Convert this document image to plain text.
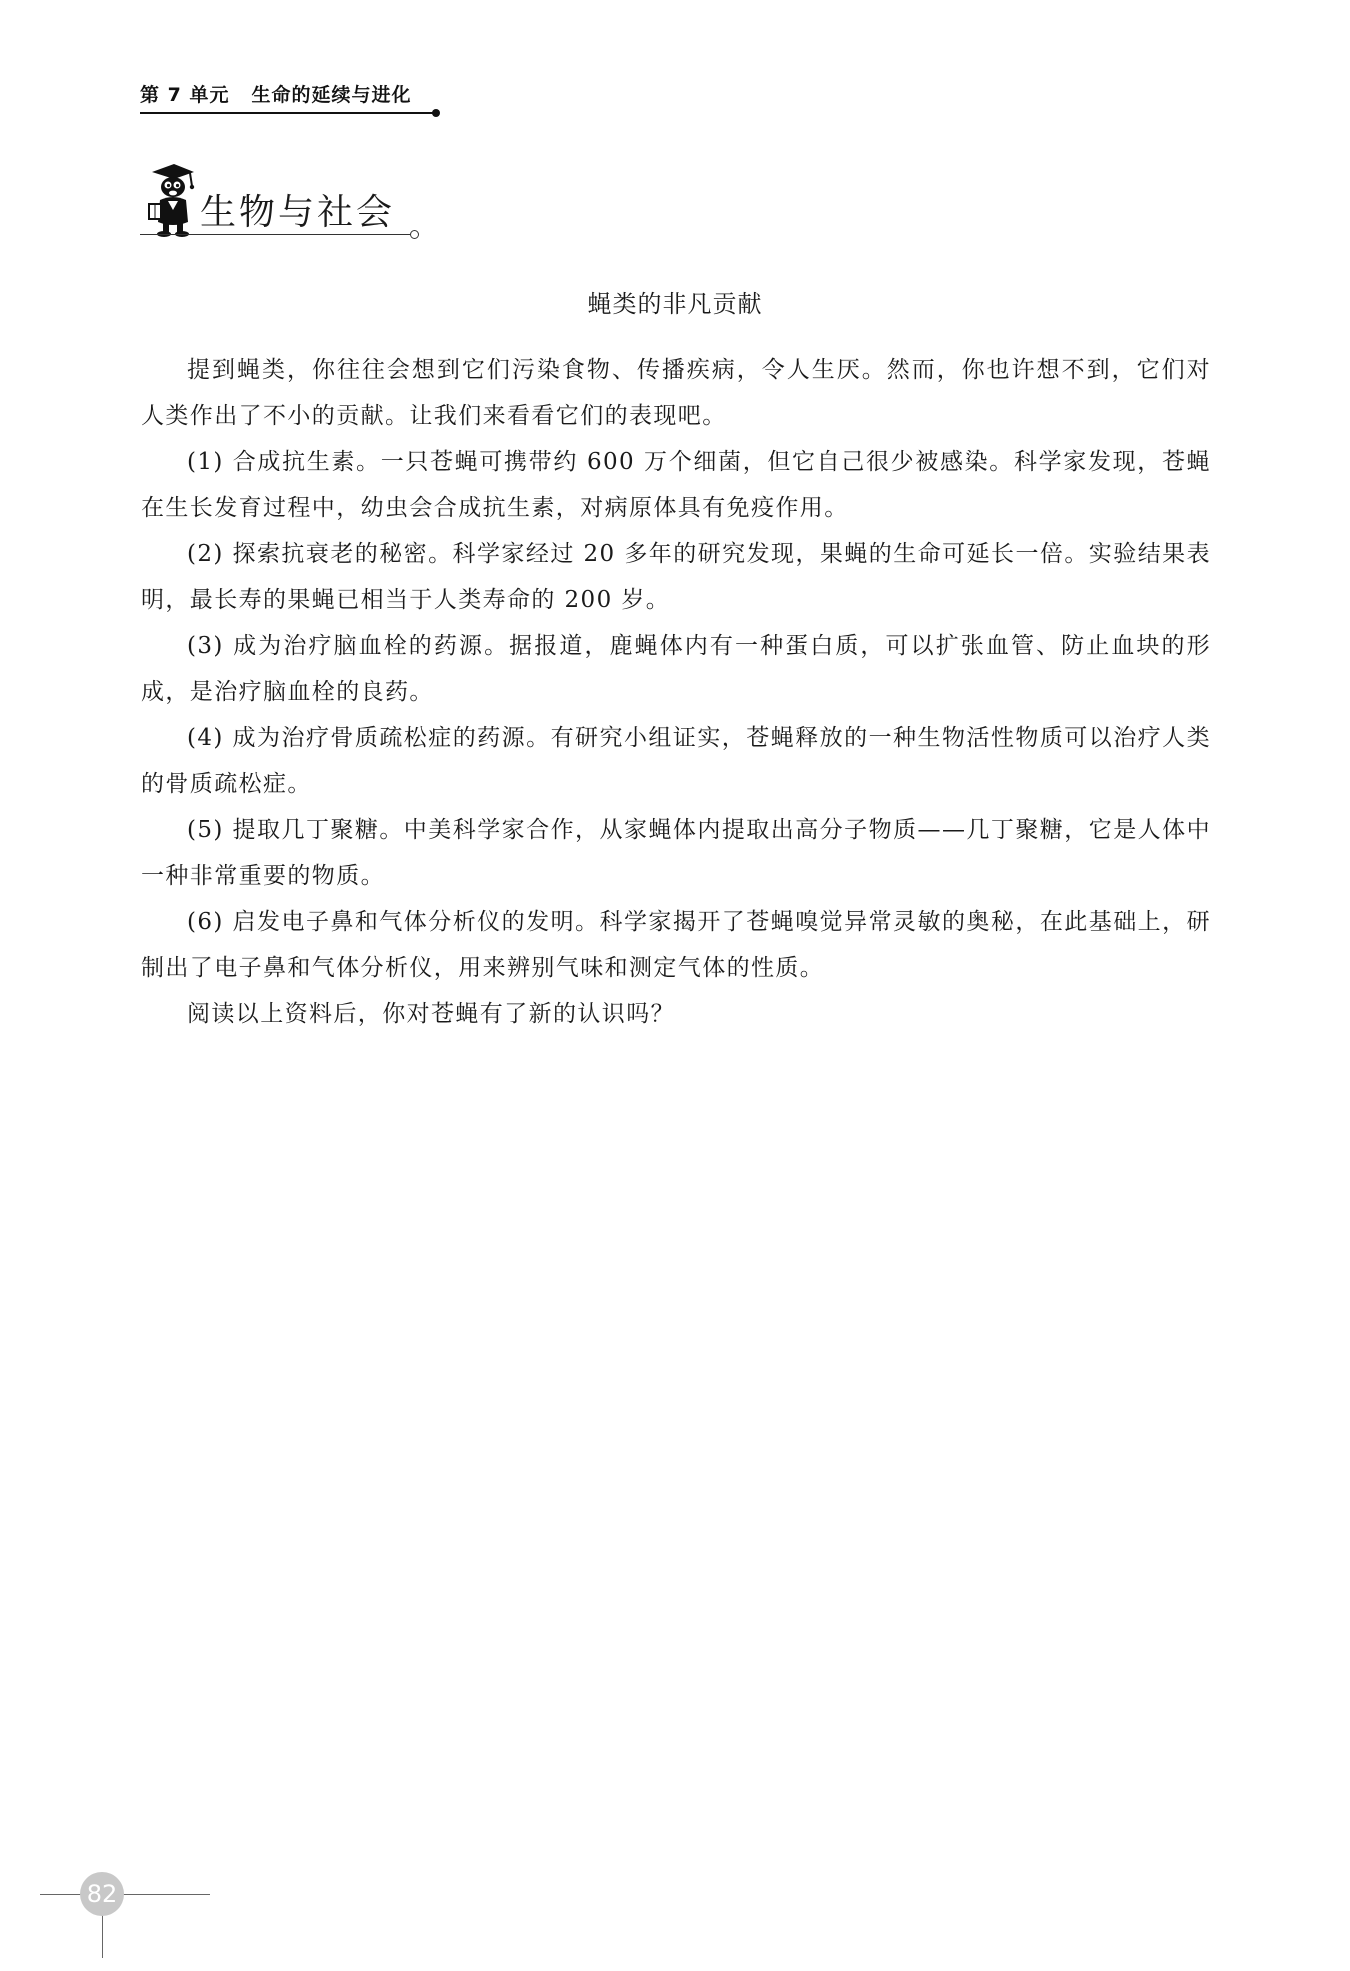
第 7 单元 生命的延续与进化
生物与社会
蝇类的非凡贡献

提到蝇类，你往往会想到它们污染食物、传播疾病，令人生厌。然而，你也许想不到，它们对人类作出了不小的贡献。让我们来看看它们的表现吧。

(1) 合成抗生素。一只苍蝇可携带约 600 万个细菌，但它自己很少被感染。科学家发现，苍蝇在生长发育过程中，幼虫会合成抗生素，对病原体具有免疫作用。

(2) 探索抗衰老的秘密。科学家经过 20 多年的研究发现，果蝇的生命可延长一倍。实验结果表明，最长寿的果蝇已相当于人类寿命的 200 岁。

(3) 成为治疗脑血栓的药源。据报道，鹿蝇体内有一种蛋白质，可以扩张血管、防止血块的形成，是治疗脑血栓的良药。

(4) 成为治疗骨质疏松症的药源。有研究小组证实，苍蝇释放的一种生物活性物质可以治疗人类的骨质疏松症。

(5) 提取几丁聚糖。中美科学家合作，从家蝇体内提取出高分子物质——几丁聚糖，它是人体中一种非常重要的物质。

(6) 启发电子鼻和气体分析仪的发明。科学家揭开了苍蝇嗅觉异常灵敏的奥秘，在此基础上，研制出了电子鼻和气体分析仪，用来辨别气味和测定气体的性质。

阅读以上资料后，你对苍蝇有了新的认识吗？

82
